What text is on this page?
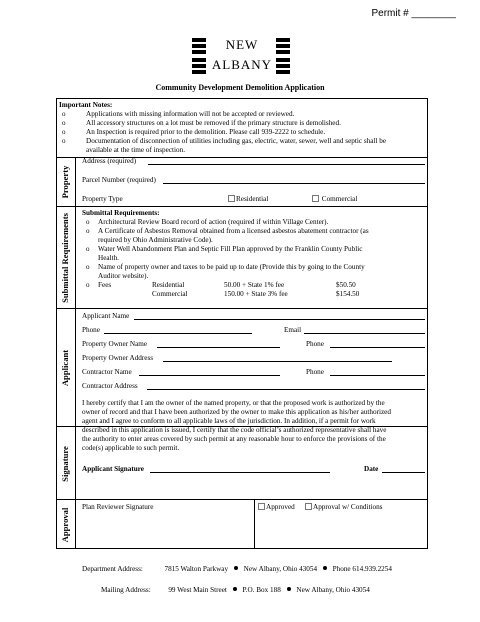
Permit # ________
NEW
ALBANY
Community Development Demolition Application
Important Notes:
o	Applications with missing information will not be accepted or reviewed.
o	All accessory structures on a lot must be removed if the primary structure is demolished.
o	An Inspection is required prior to the demolition. Please call 939-2222 to schedule.
o	Documentation of disconnection of utilities including gas, electric, water, sewer, well and septic shall be
available at the time of inspection.
Property
Address (required)
Parcel Number (required)
Property Type	Residential	Commercial
Submittal Requirements
Submittal Requirements:
o Architectural Review Board record of action (required if within Village Center).
o A Certificate of Asbestos Removal obtained from a licensed asbestos abatement contractor (as
required by Ohio Administrative Code).
o Water Well Abandonment Plan and Septic Fill Plan approved by the Franklin County Public
Health.
o Name of property owner and taxes to be paid up to date (Provide this by going to the County
Auditor website).
o Fees	Residential	50.00 + State 1% fee	$50.50
Commercial	150.00 + State 3% fee	$154.50
Applicant
Applicant Name
Phone	Email
Property Owner Name	Phone
Property Owner Address
Contractor Name	Phone
Contractor Address
Signature
I hereby certify that I am the owner of the named property, or that the proposed work is authorized by the
owner of record and that I have been authorized by the owner to make this application as his/her authorized
agent and I agree to conform to all applicable laws of the jurisdiction. In addition, if a permit for work
described in this application is issued, I certify that the code official’s authorized representative shall have
the authority to enter areas covered by such permit at any reasonable hour to enforce the provisions of the
code(s) applicable to such permit.
Applicant Signature	Date
Approval
Plan Reviewer Signature	Approved	Approval w/ Conditions
Department Address:	7815 Walton Parkway New Albany, Ohio 43054 Phone 614.939.2254
Mailing Address: 99 West Main Street P.O. Box 188 New Albany, Ohio 43054
